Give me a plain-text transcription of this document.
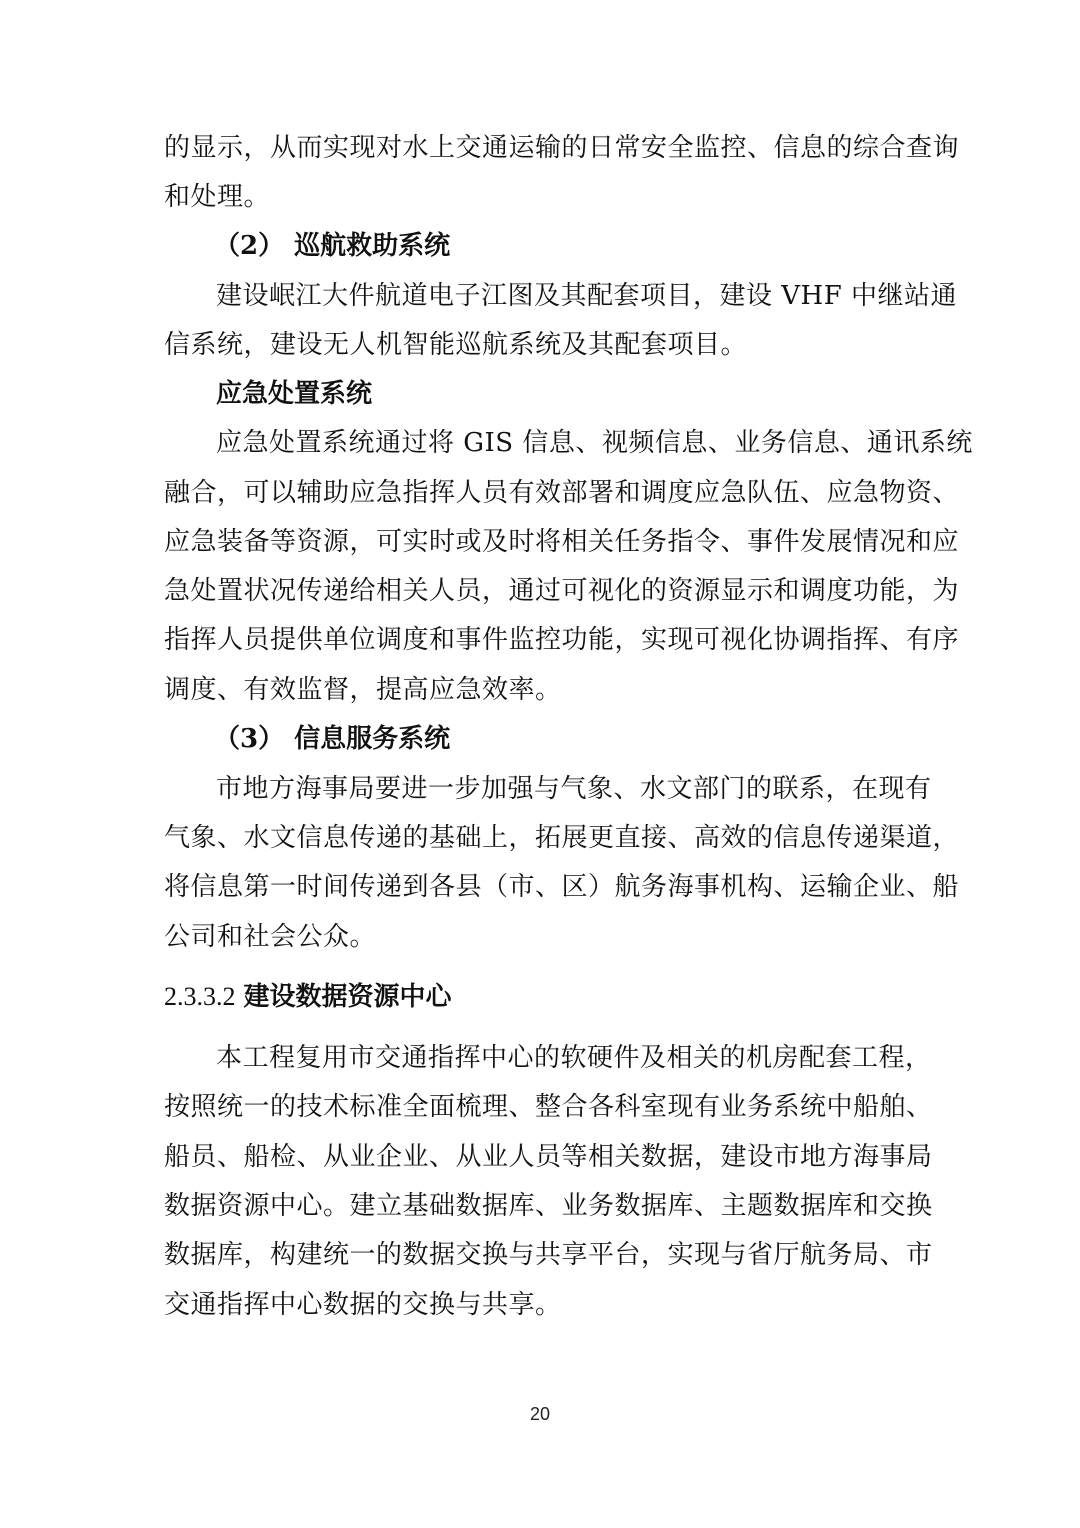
的显示，从而实现对水上交通运输的日常安全监控、信息的综合查询
和处理。
（2） 巡航救助系统
建设岷江大件航道电子江图及其配套项目，建设 VHF 中继站通
信系统，建设无人机智能巡航系统及其配套项目。
应急处置系统
应急处置系统通过将 GIS 信息、视频信息、业务信息、通讯系统
融合，可以辅助应急指挥人员有效部署和调度应急队伍、应急物资、
应急装备等资源，可实时或及时将相关任务指令、事件发展情况和应
急处置状况传递给相关人员，通过可视化的资源显示和调度功能，为
指挥人员提供单位调度和事件监控功能，实现可视化协调指挥、有序
调度、有效监督，提高应急效率。
（3） 信息服务系统
市地方海事局要进一步加强与气象、水文部门的联系，在现有
气象、水文信息传递的基础上，拓展更直接、高效的信息传递渠道，
将信息第一时间传递到各县（市、区）航务海事机构、运输企业、船
公司和社会公众。
2.3.3.2 建设数据资源中心
本工程复用市交通指挥中心的软硬件及相关的机房配套工程，
按照统一的技术标准全面梳理、整合各科室现有业务系统中船舶、
船员、船检、从业企业、从业人员等相关数据，建设市地方海事局
数据资源中心。建立基础数据库、业务数据库、主题数据库和交换
数据库，构建统一的数据交换与共享平台，实现与省厅航务局、市
交通指挥中心数据的交换与共享。
20
